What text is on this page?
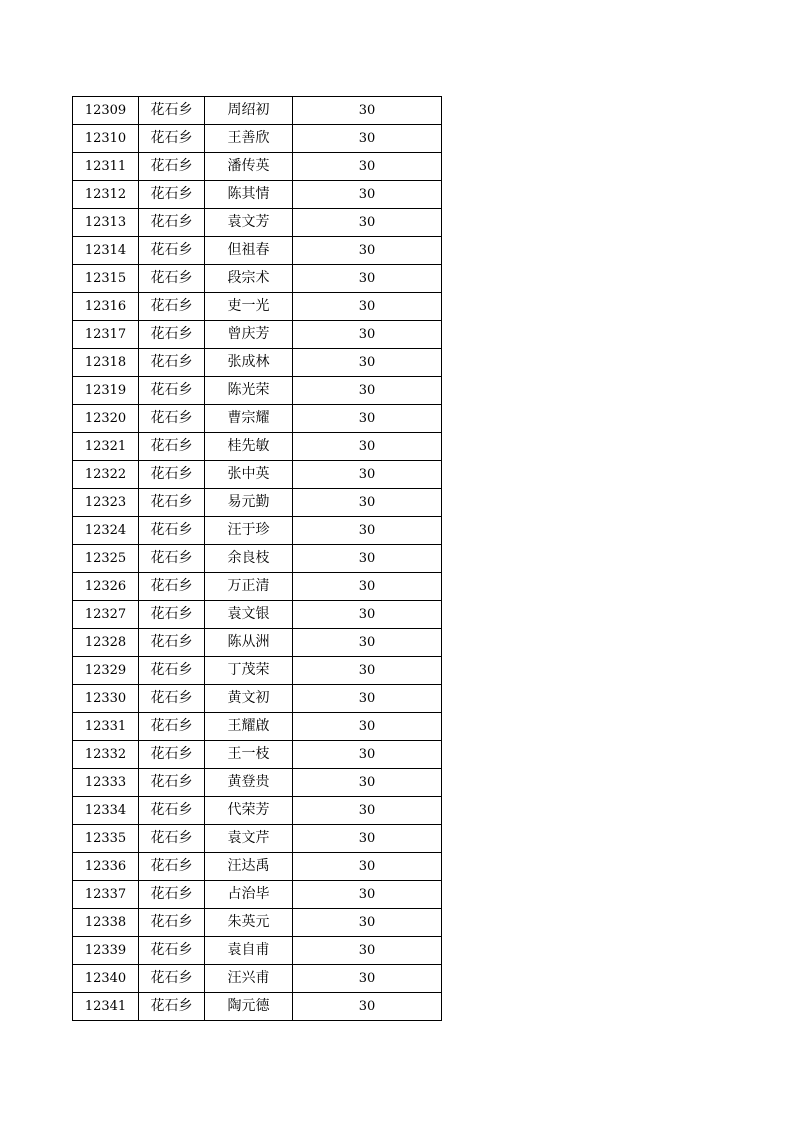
12309	花石乡	周绍初	30
12310	花石乡	王善欣	30
12311	花石乡	潘传英	30
12312	花石乡	陈其情	30
12313	花石乡	袁文芳	30
12314	花石乡	但祖春	30
12315	花石乡	段宗术	30
12316	花石乡	吏一光	30
12317	花石乡	曾庆芳	30
12318	花石乡	张成林	30
12319	花石乡	陈光荣	30
12320	花石乡	曹宗耀	30
12321	花石乡	桂先敏	30
12322	花石乡	张中英	30
12323	花石乡	易元勤	30
12324	花石乡	汪于珍	30
12325	花石乡	余良枝	30
12326	花石乡	万正清	30
12327	花石乡	袁文银	30
12328	花石乡	陈从洲	30
12329	花石乡	丁茂荣	30
12330	花石乡	黄文初	30
12331	花石乡	王耀啟	30
12332	花石乡	王一枝	30
12333	花石乡	黄登贵	30
12334	花石乡	代荣芳	30
12335	花石乡	袁文芹	30
12336	花石乡	汪达禹	30
12337	花石乡	占治毕	30
12338	花石乡	朱英元	30
12339	花石乡	袁自甫	30
12340	花石乡	汪兴甫	30
12341	花石乡	陶元德	30
